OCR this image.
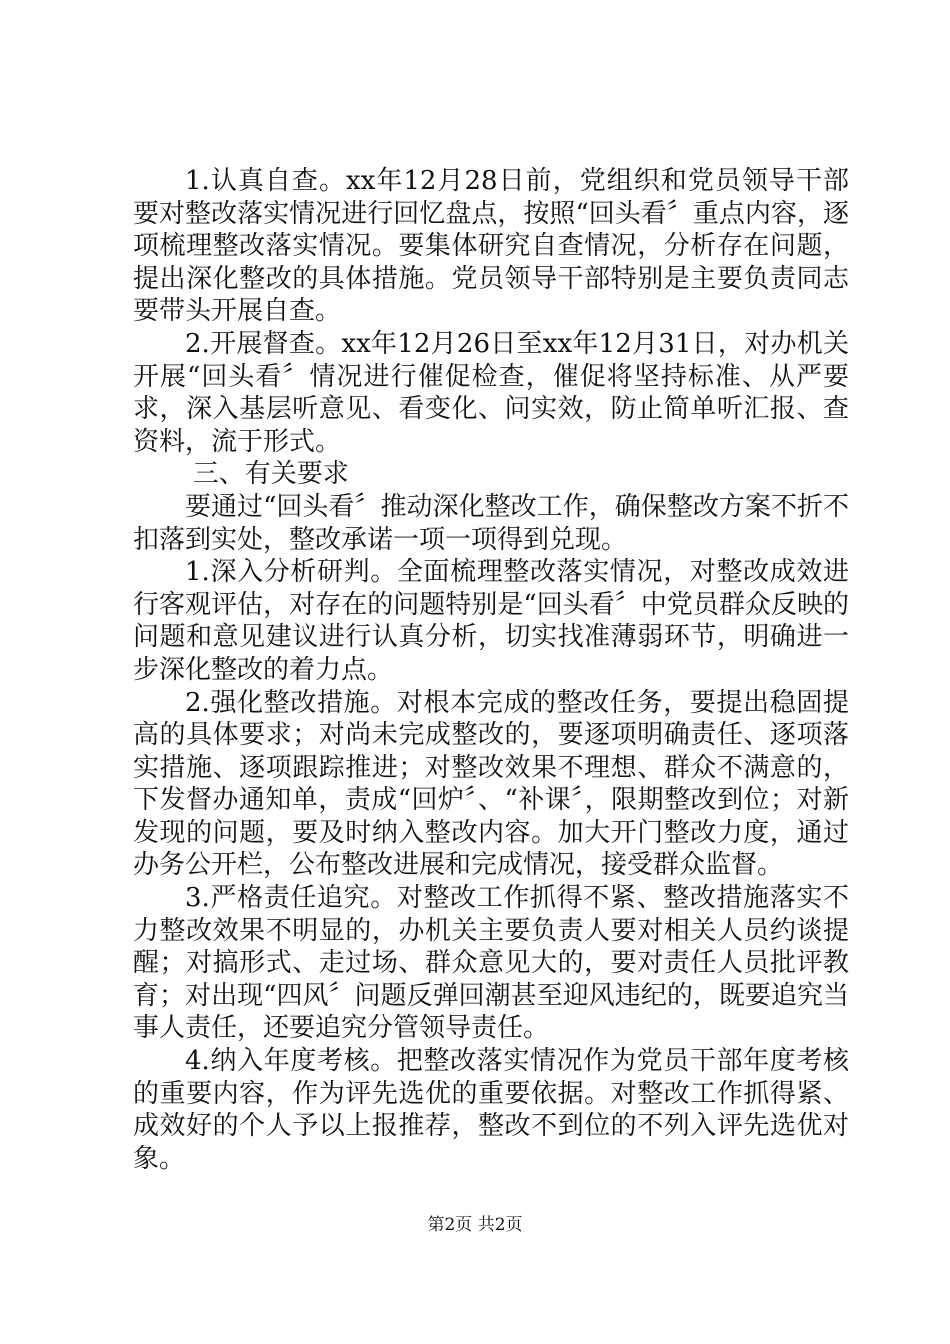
1.认真自查。xx年12月28日前，党组织和党员领导干部要对整改落实情况进行回忆盘点，按照“回头看〞重点内容，逐项梳理整改落实情况。要集体研究自查情况，分析存在问题，提出深化整改的具体措施。党员领导干部特别是主要负责同志要带头开展自查。

2.开展督查。xx年12月26日至xx年12月31日，对办机关开展“回头看〞情况进行催促检查，催促将坚持标准、从严要求，深入基层听意见、看变化、问实效，防止简单听汇报、查资料，流于形式。

三、有关要求

要通过“回头看〞推动深化整改工作，确保整改方案不折不扣落到实处，整改承诺一项一项得到兑现。

1.深入分析研判。全面梳理整改落实情况，对整改成效进行客观评估，对存在的问题特别是“回头看〞中党员群众反映的问题和意见建议进行认真分析，切实找准薄弱环节，明确进一步深化整改的着力点。

2.强化整改措施。对根本完成的整改任务，要提出稳固提高的具体要求；对尚未完成整改的，要逐项明确责任、逐项落实措施、逐项跟踪推进；对整改效果不理想、群众不满意的，下发督办通知单，责成“回炉〞、“补课〞，限期整改到位；对新发现的问题，要及时纳入整改内容。加大开门整改力度，通过办务公开栏，公布整改进展和完成情况，接受群众监督。

3.严格责任追究。对整改工作抓得不紧、整改措施落实不力整改效果不明显的，办机关主要负责人要对相关人员约谈提醒；对搞形式、走过场、群众意见大的，要对责任人员批评教育；对出现“四风〞问题反弹回潮甚至迎风违纪的，既要追究当事人责任，还要追究分管领导责任。

4.纳入年度考核。把整改落实情况作为党员干部年度考核的重要内容，作为评先选优的重要依据。对整改工作抓得紧、成效好的个人予以上报推荐，整改不到位的不列入评先选优对象。

第2页 共2页
